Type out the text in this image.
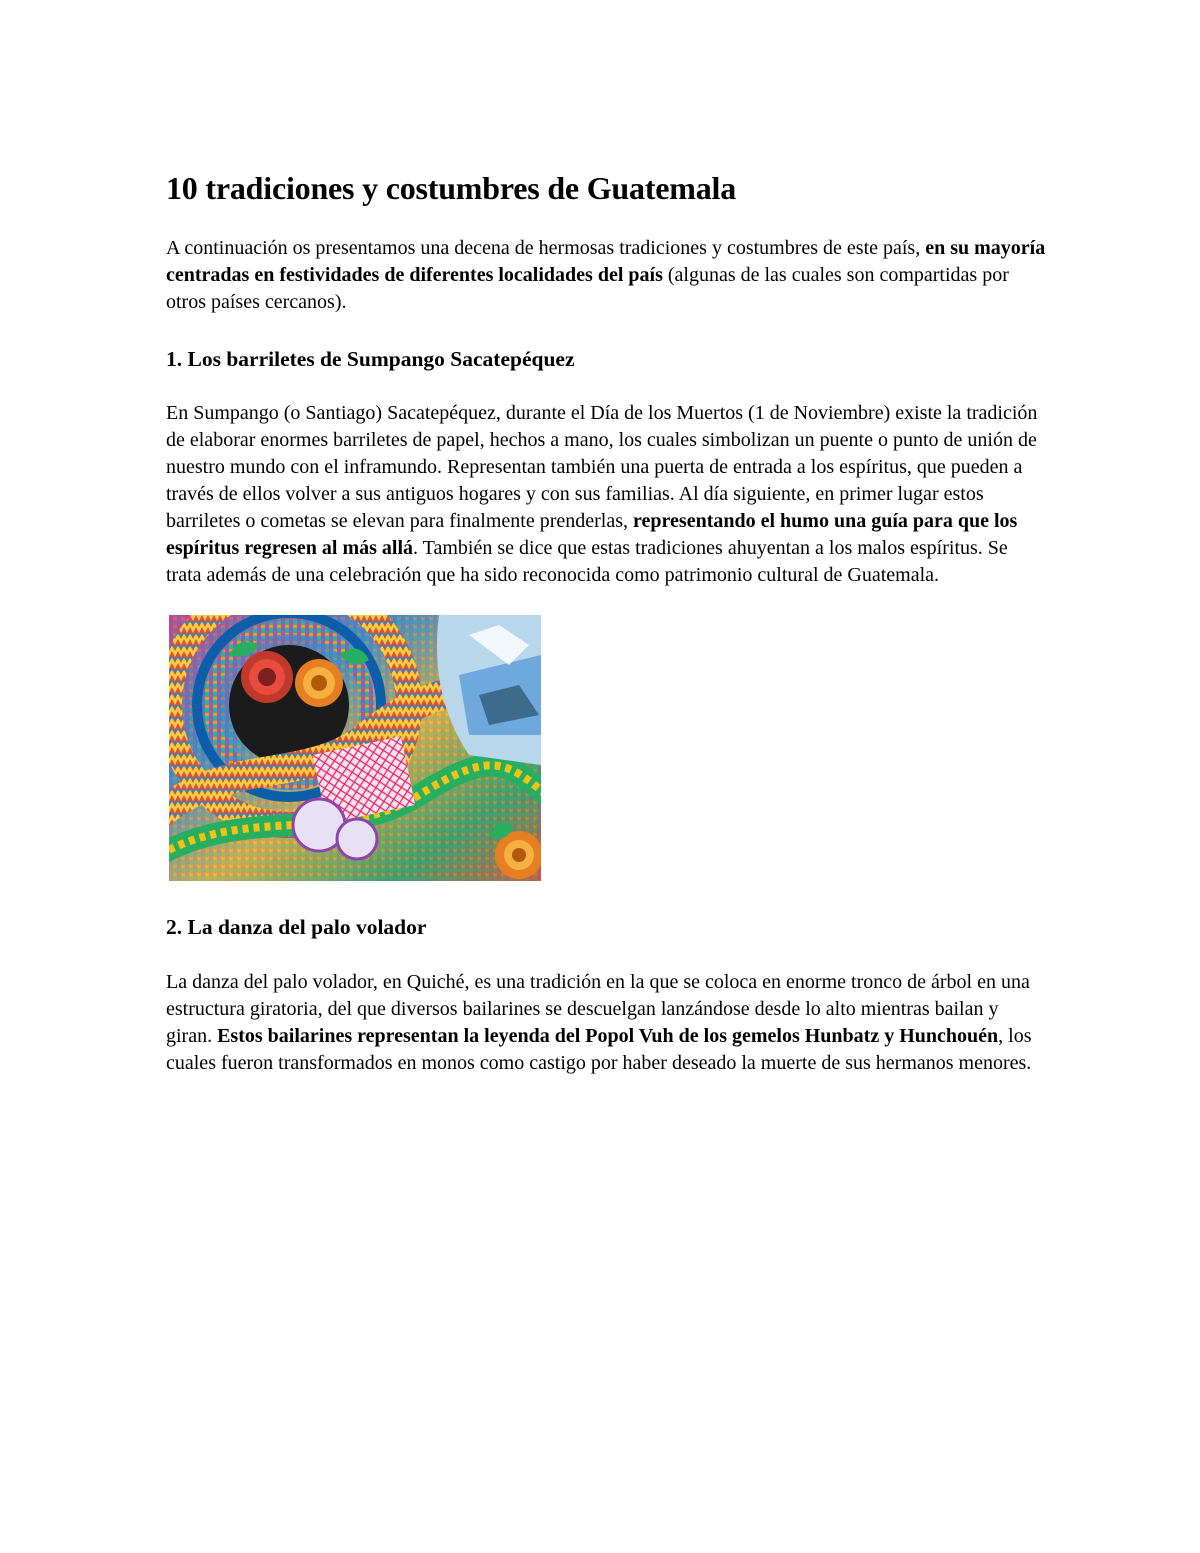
10 tradiciones y costumbres de Guatemala

A continuación os presentamos una decena de hermosas tradiciones y costumbres de este país, en su mayoría centradas en festividades de diferentes localidades del país (algunas de las cuales son compartidas por otros países cercanos).

1. Los barriletes de Sumpango Sacatepéquez

En Sumpango (o Santiago) Sacatepéquez, durante el Día de los Muertos (1 de Noviembre) existe la tradición de elaborar enormes barriletes de papel, hechos a mano, los cuales simbolizan un puente o punto de unión de nuestro mundo con el inframundo. Representan también una puerta de entrada a los espíritus, que pueden a través de ellos volver a sus antiguos hogares y con sus familias. Al día siguiente, en primer lugar estos barriletes o cometas se elevan para finalmente prenderlas, representando el humo una guía para que los espíritus regresen al más allá. También se dice que estas tradiciones ahuyentan a los malos espíritus. Se trata además de una celebración que ha sido reconocida como patrimonio cultural de Guatemala.

2. La danza del palo volador

La danza del palo volador, en Quiché, es una tradición en la que se coloca en enorme tronco de árbol en una estructura giratoria, del que diversos bailarines se descuelgan lanzándose desde lo alto mientras bailan y giran. Estos bailarines representan la leyenda del Popol Vuh de los gemelos Hunbatz y Hunchouén, los cuales fueron transformados en monos como castigo por haber deseado la muerte de sus hermanos menores.
